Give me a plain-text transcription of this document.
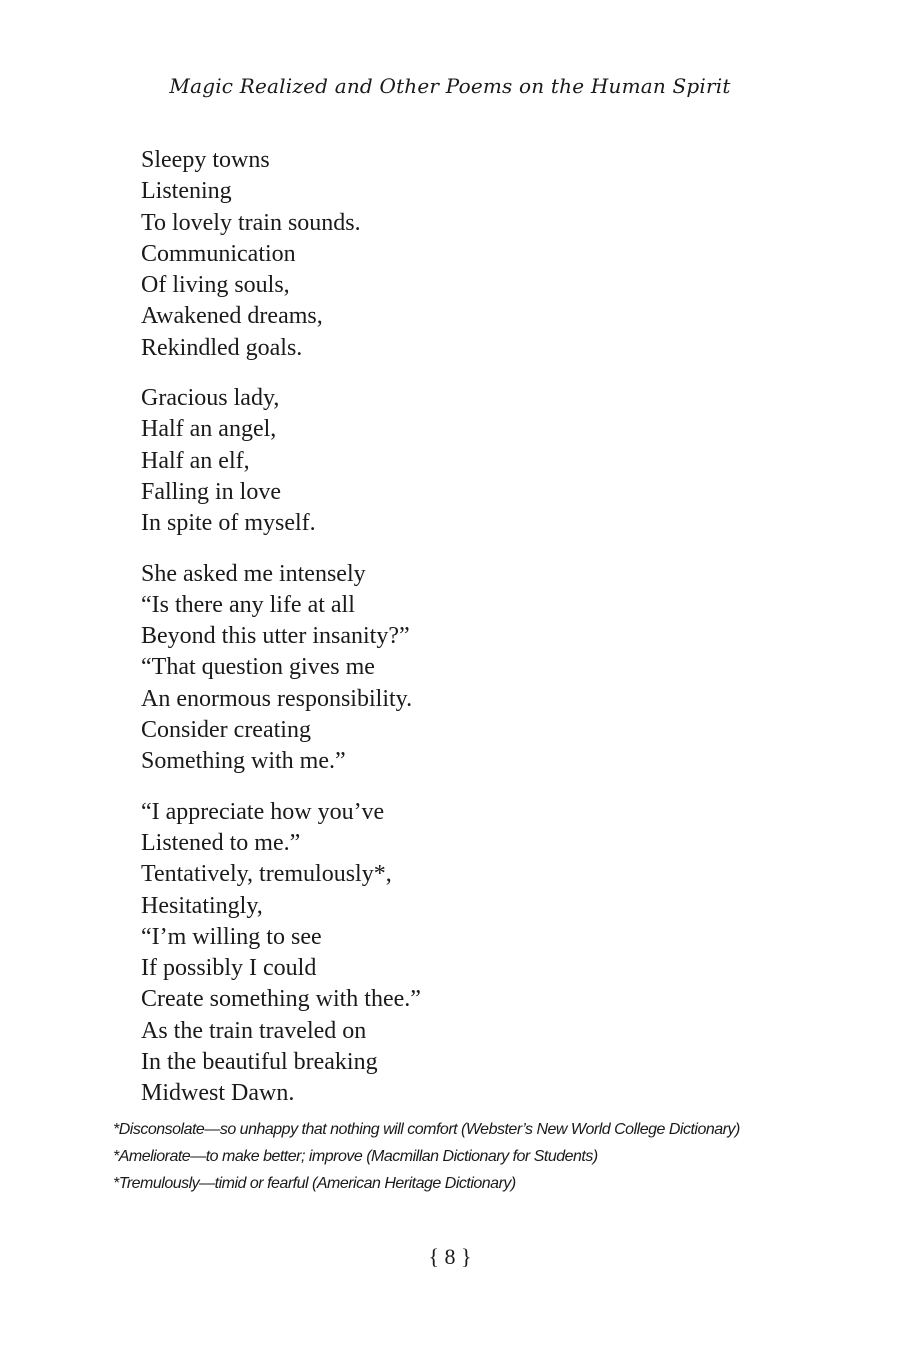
Magic Realized and Other Poems on the Human Spirit
Sleepy towns
Listening
To lovely train sounds.
Communication
Of living souls,
Awakened dreams,
Rekindled goals.
Gracious lady,
Half an angel,
Half an elf,
Falling in love
In spite of myself.
She asked me intensely
“Is there any life at all
Beyond this utter insanity?”
“That question gives me
An enormous responsibility.
Consider creating
Something with me.”
“I appreciate how you’ve
Listened to me.”
Tentatively, tremulously*,
Hesitatingly,
“I’m willing to see
If possibly I could
Create something with thee.”
As the train traveled on
In the beautiful breaking
Midwest Dawn.
*Disconsolate—so unhappy that nothing will comfort (Webster’s New World College Dictionary)
*Ameliorate—to make better; improve (Macmillan Dictionary for Students)
*Tremulously—timid or fearful (American Heritage Dictionary)
{ 8 }
